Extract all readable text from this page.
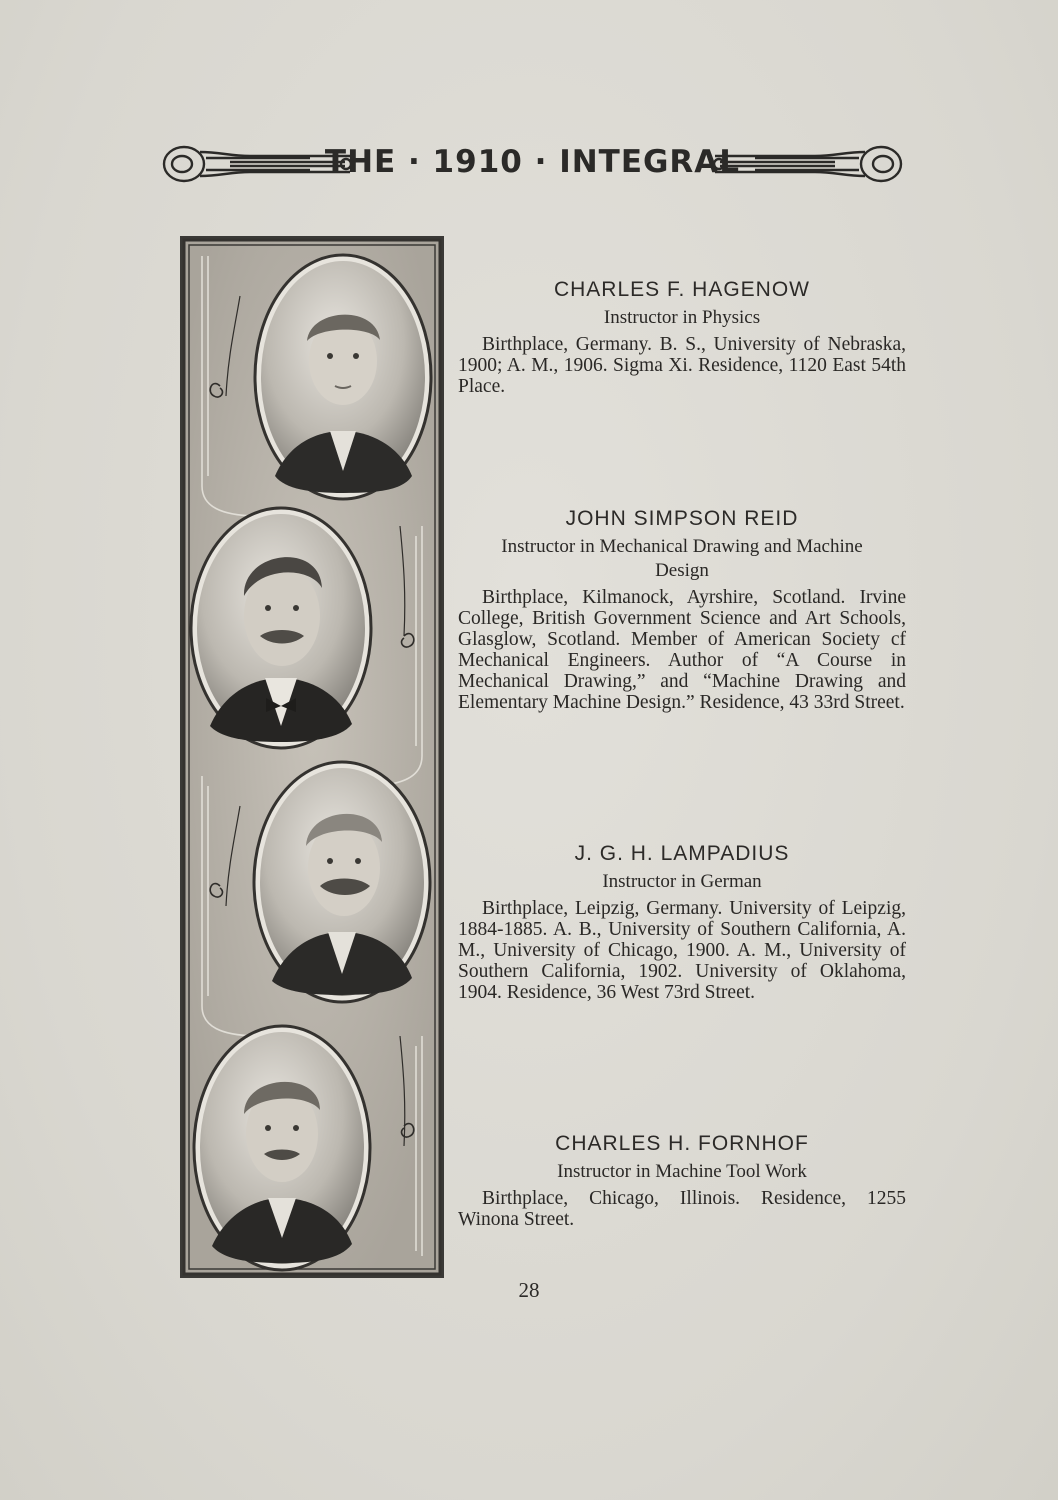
THE · 1910 · INTEGRAL
CHARLES F. HAGENOW
Instructor in Physics
Birthplace, Germany. B. S., University of Nebraska, 1900; A. M., 1906. Sigma Xi. Residence, 1120 East 54th Place.
JOHN SIMPSON REID
Instructor in Mechanical Drawing and Machine Design
Birthplace, Kilmanock, Ayrshire, Scotland. Irvine College, British Government Science and Art Schools, Glasglow, Scotland. Member of American Society cf Mechanical Engineers. Author of “A Course in Mechanical Drawing,” and “Machine Drawing and Elementary Machine Design.” Residence, 43 33rd Street.
J. G. H. LAMPADIUS
Instructor in German
Birthplace, Leipzig, Germany. University of Leipzig, 1884-1885. A. B., University of Southern California, A. M., University of Chicago, 1900. A. M., University of Southern California, 1902. University of Oklahoma, 1904. Residence, 36 West 73rd Street.
CHARLES H. FORNHOF
Instructor in Machine Tool Work
Birthplace, Chicago, Illinois. Residence, 1255 Winona Street.
28
